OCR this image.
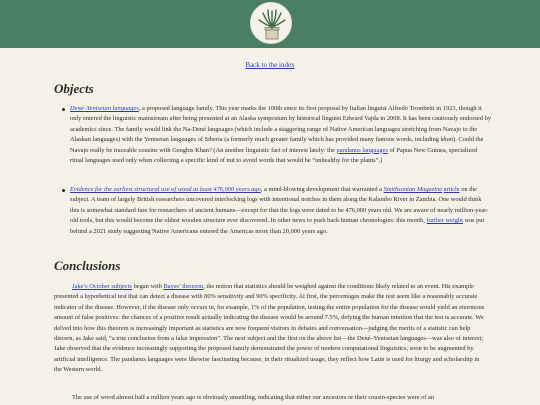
Back to the index
Objects
Dené–Yeniseian languages, a proposed language family. This year marks the 100th since its first proposal by Italian linguist Alfredo Trombetti in 1923, though it only entered the linguistic mainstream after being presented at an Alaska symposium by historical linguist Edward Vajda in 2008. It has been cautiously endorsed by academics since. The family would link the Na-Dené languages (which include a staggering range of Native American languages stretching from Navajo to the Alaskan languages) with the Yeniseian languages of Siberia (a formerly much greater family which has provided many famous words, including khan). Could the Navajo really be traceable cousins with Genghis Khan? (An another linguistic fact of interest lately: the pandanus languages of Papua New Guinea, specialized ritual languages used only when collecting a specific kind of nut to avoid words that would be “unhealthy for the plants”.)
Evidence for the earliest structural use of wood at least 476,000 years ago, a mind-blowing development that warranted a Smithsonian Magazine article on the subject. A team of largely British researchers uncovered interlocking logs with intentional notches in them along the Kalambo River in Zambia. One would think this is somewhat standard fare for researchers of ancient humans—except for that the logs were dated to be 476,000 years old. We are aware of nearly million-year-old tools, but this would become the oldest wooden structure ever discovered. In other news to push back human chronologies: this month, further weight was put behind a 2021 study suggesting Native Americans entered the Americas more than 20,000 years ago.
Conclusions
Jake’s October subjects began with Bayes’ theorem, the notion that statistics should be weighed against the conditions likely related to an event. His example presented a hypothetical test that can detect a disease with 80% sensitivity and 90% specificity. At first, the percentages make the test seem like a reasonably accurate indicator of the disease. However, if the disease only occurs in, for example, 1% of the population, testing the entire population for the disease would yield an enormous amount of false positives: the chances of a positive result actually indicating the disease would be around 7.5%, defying the human intuition that the test is accurate. We delved into how this theorem is increasingly important as statistics are now frequent visitors in debates and conversation—judging the merits of a statistic can help discern, as Jake said, “a true conclusion from a false impression”. The next subject and the first on the above list—the Dené–Yeniseian languages—was also of interest; Jake observed that the evidence increasingly supporting the proposed family demonstrated the power of modern computational linguistics, soon to be augmented by artificial intelligence. The pandanus languages were likewise fascinating because, in their ritualized usage, they reflect how Latin is used for liturgy and scholarship in the Western world.
The use of wood almost half a million years ago is obviously unsettling, indicating that either our ancestors or their cousin-species were of an
